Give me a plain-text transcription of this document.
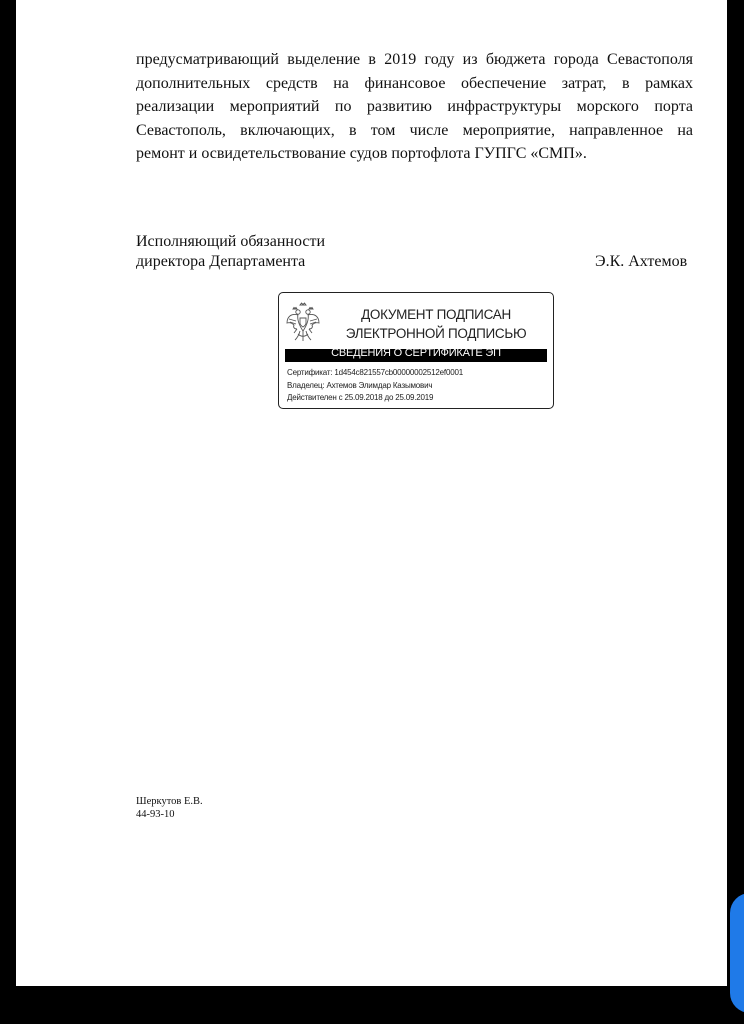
предусматривающий выделение в 2019 году из бюджета города Севастополя
дополнительных средств на финансовое обеспечение затрат, в рамках
реализации мероприятий по развитию инфраструктуры морского порта
Севастополь, включающих, в том числе мероприятие, направленное на
ремонт и освидетельствование судов портофлота ГУПГС «СМП».
Исполняющий обязанности
директора Департамента	Э.К. Ахтемов
ДОКУМЕНТ ПОДПИСАН
ЭЛЕКТРОННОЙ ПОДПИСЬЮ
СВЕДЕНИЯ О СЕРТИФИКАТЕ ЭП
Сертификат: 1d454c821557cb00000002512ef0001
Владелец: Ахтемов Элимдар Казымович
Действителен с 25.09.2018 до 25.09.2019
Шеркутов Е.В.
44-93-10
